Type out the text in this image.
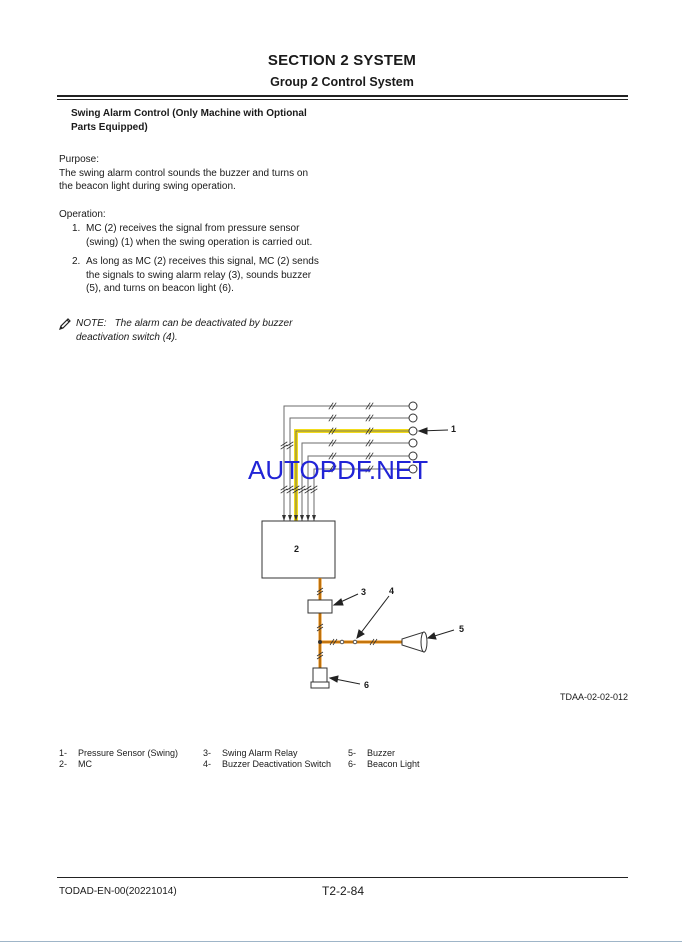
SECTION 2 SYSTEM
Group 2 Control System
Swing Alarm Control (Only Machine with Optional
Parts Equipped)
Purpose:
The swing alarm control sounds the buzzer and turns on
the beacon light during swing operation.
Operation:
1. MC (2) receives the signal from pressure sensor
(swing) (1) when the swing operation is carried out.
2. As long as MC (2) receives this signal, MC (2) sends
the signals to swing alarm relay (3), sounds buzzer
(5), and turns on beacon light (6).
NOTE: The alarm can be deactivated by buzzer
deactivation switch (4).
1
2
3	4
5
6
AUTOPDF.NET
TDAA-02-02-012
1- Pressure Sensor (Swing)
2- MC
3- Swing Alarm Relay
4- Buzzer Deactivation Switch
5- Buzzer
6- Beacon Light
TODAD-EN-00(20221014)	T2-2-84
